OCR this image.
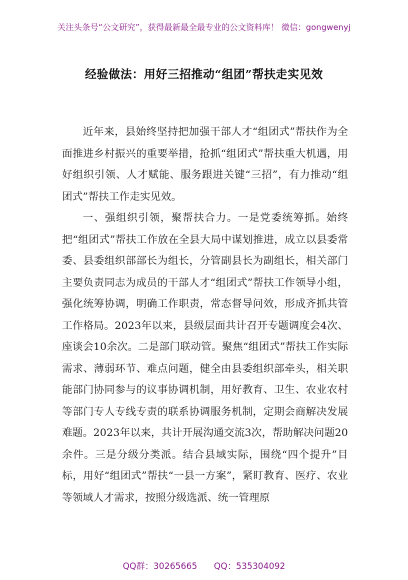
关注头条号“公文研究”，获得最新最全最专业的公文资料库！ 微信：gongwenyj
经验做法：用好三招推动“组团”帮扶走实见效

近年来，县始终坚持把加强干部人才“组团式”帮扶作为全面推进乡村振兴的重要举措，抢抓“组团式”帮扶重大机遇，用好组织引领、人才赋能、服务跟进关键“三招”，有力推动“组团式”帮扶工作走实见效。

一、强组织引领，聚帮扶合力。一是党委统筹抓。始终把“组团式”帮扶工作放在全县大局中谋划推进，成立以县委常委、县委组织部部长为组长，分管副县长为副组长，相关部门主要负责同志为成员的干部人才“组团式”帮扶工作领导小组，强化统筹协调，明确工作职责，常态督导问效，形成齐抓共管工作格局。2023年以来，县级层面共计召开专题调度会4次、座谈会10余次。二是部门联动管。聚焦“组团式”帮扶工作实际需求、薄弱环节、难点问题，健全由县委组织部牵头，相关职能部门协同参与的议事协调机制，用好教育、卫生、农业农村等部门专人专线专责的联系协调服务机制，定期会商解决发展难题。2023年以来，共计开展沟通交流3次，帮助解决问题20余件。三是分级分类派。结合县域实际，围绕“四个提升”目标，用好“组团式”帮扶“一县一方案”，紧盯教育、医疗、农业等领域人才需求，按照分级选派、统一管理原

QQ群：30265665 QQ：535304092
